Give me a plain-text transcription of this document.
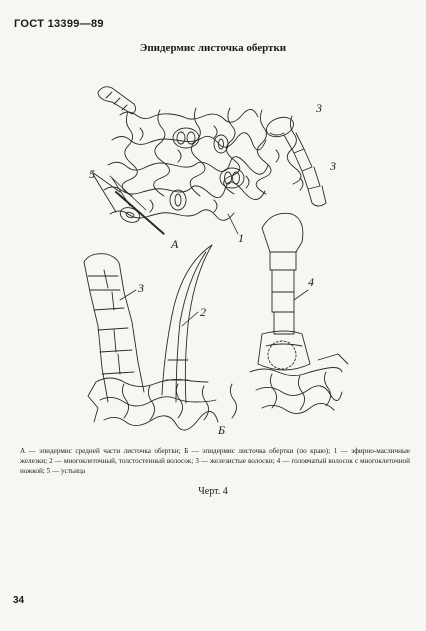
ГОСТ 13399—89
Эпидермис листочка обертки
5
А	1
3
3
3
2
4
Б
А — эпидермис средней части листочка обертки; Б — эпидермис листочка обертки (по краю); 1 — эфирно-масличные железки; 2 — многоклеточный, толстостенный волосок; 3 — железистые волоски; 4 — головчатый волосок с многоклеточной ножкой; 5 — устьица
Черт. 4
34
